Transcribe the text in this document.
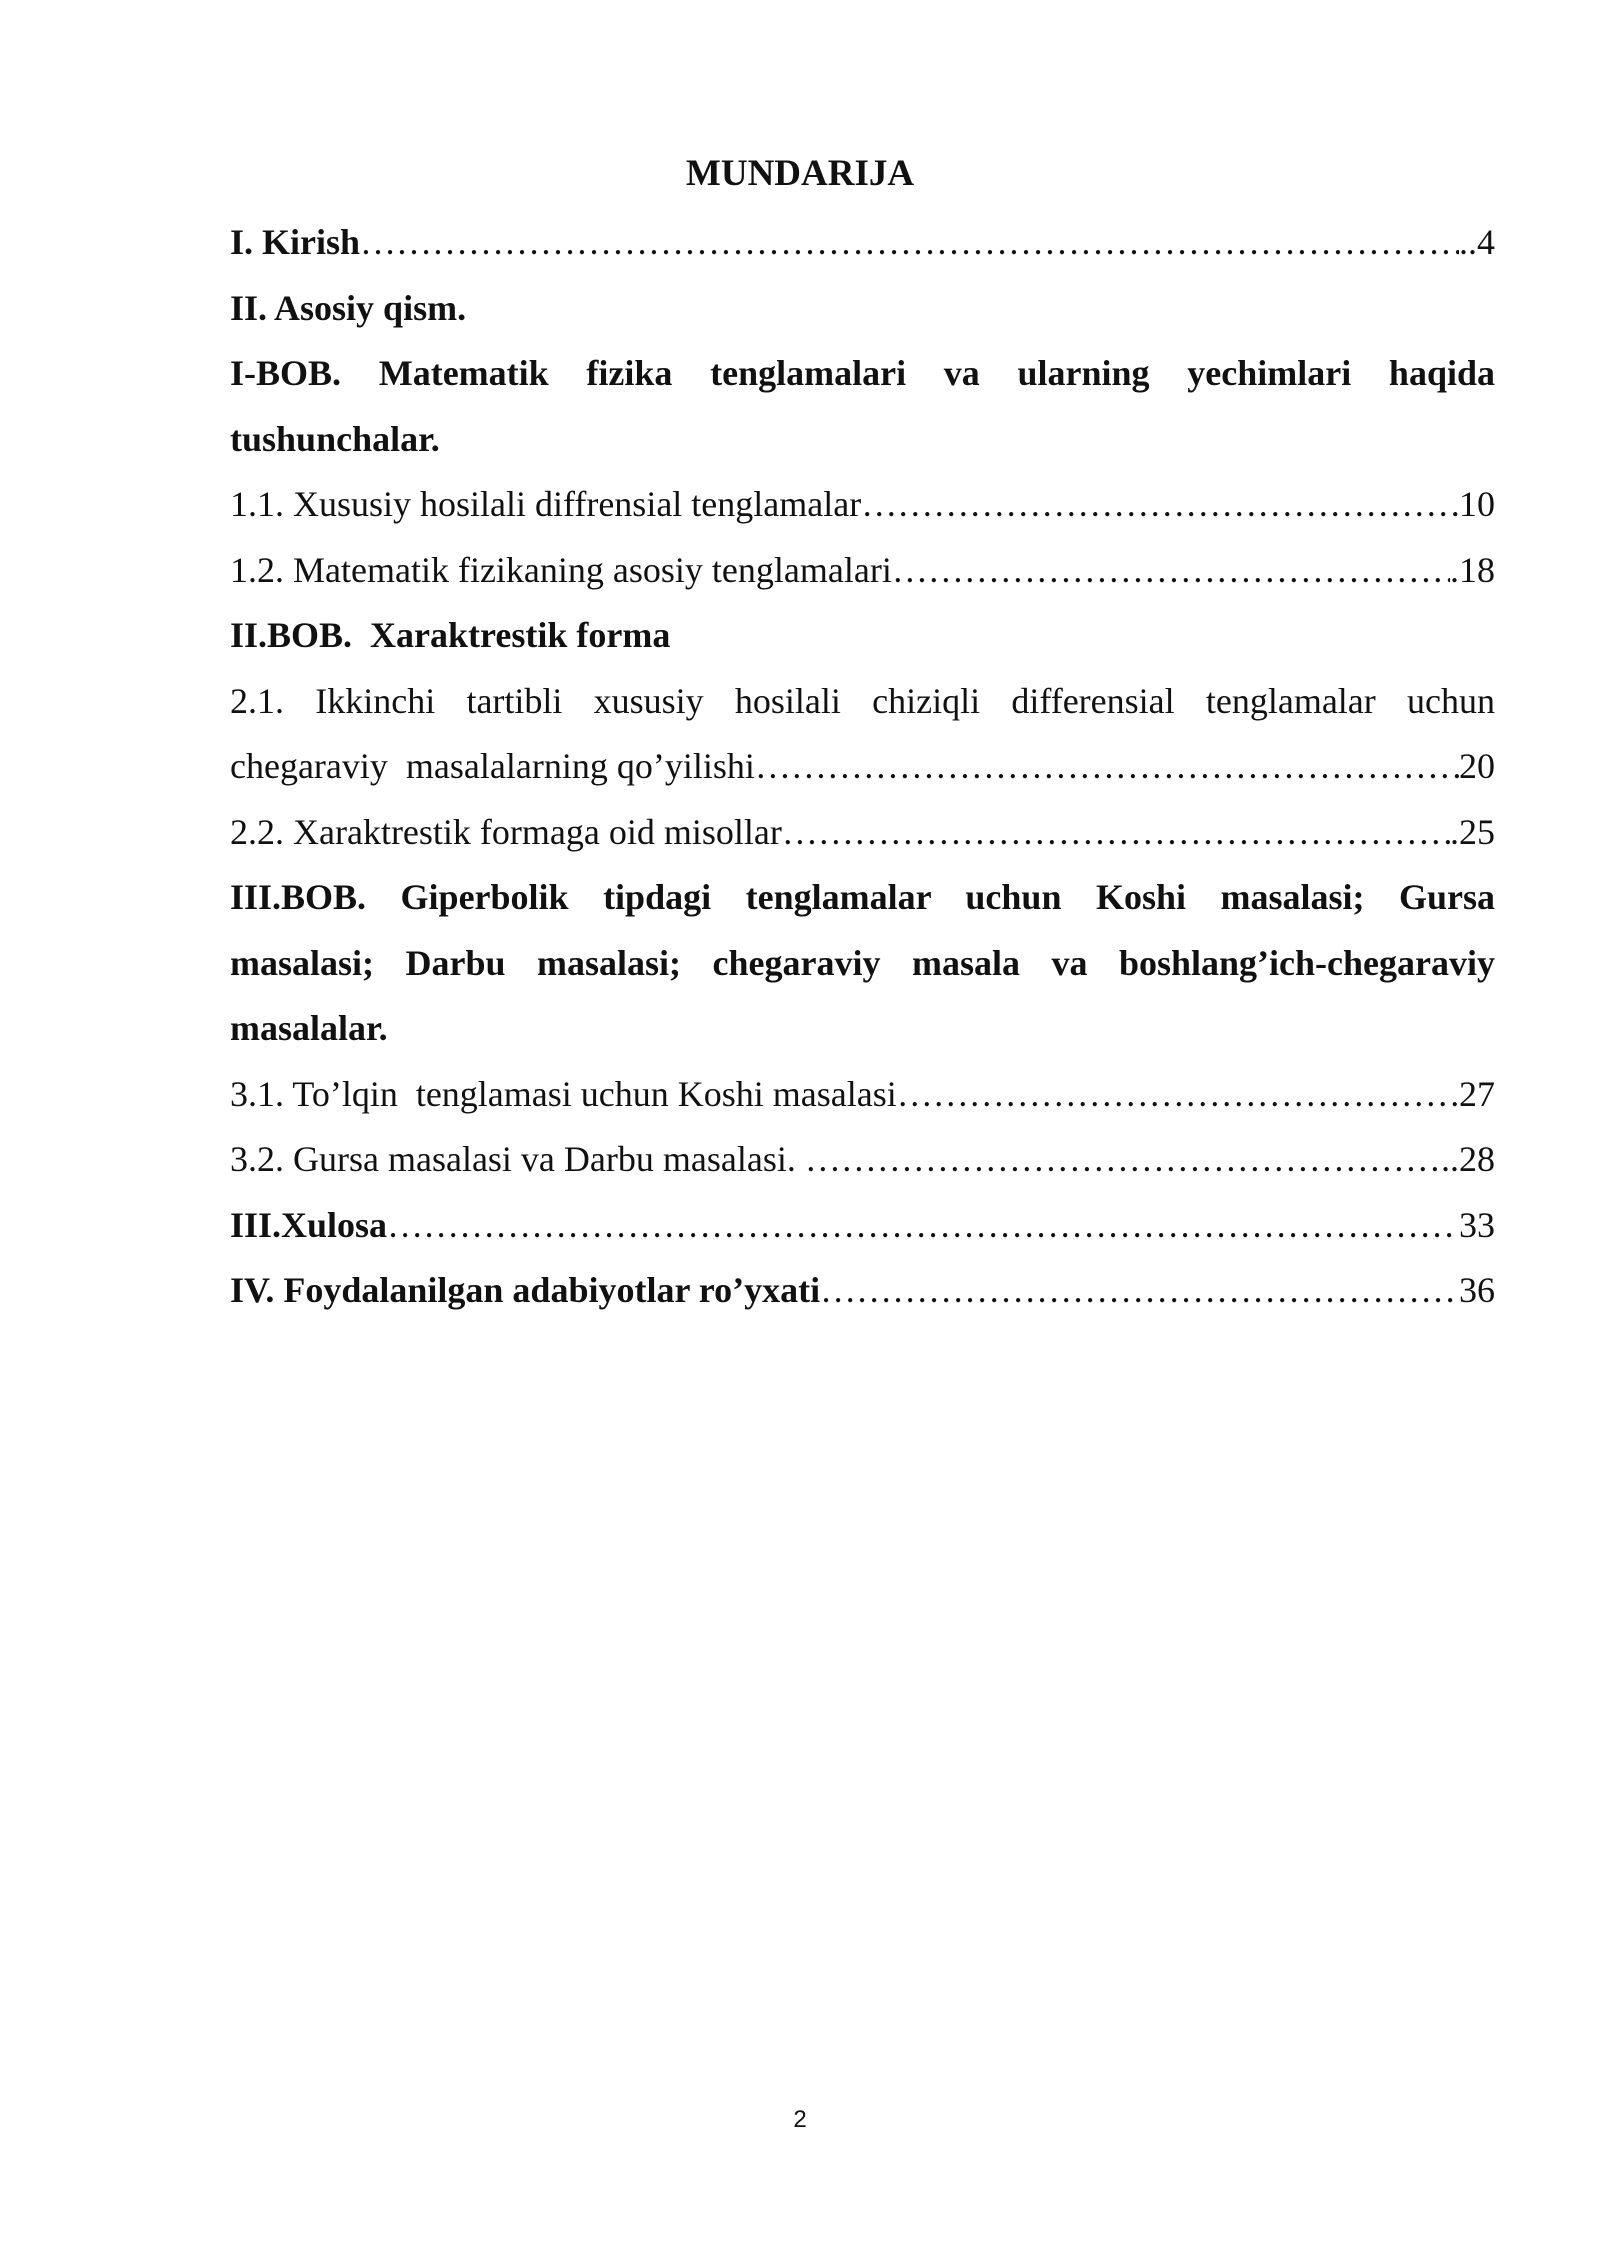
MUNDARIJA
I. Kirish …………………………………………………………………………………………………………………………………………………………………………………………	..4
II. Asosiy qism.
I-BOB. Matematik fizika tenglamalari va ularning yechimlari haqida
tushunchalar.
1.1. Xususiy hosilali diffrensial tenglamalar …………………………………………………………………………………………………………………………………………………………………………………………	10
1.2. Matematik fizikaning asosiy tenglamalari …………………………………………………………………………………………………………………………………………………………………………………………	.18
II.BOB.  Xaraktrestik forma
2.1. Ikkinchi tartibli xususiy hosilali chiziqli differensial tenglamalar uchun
chegaraviy  masalalarning qo’yilishi …………………………………………………………………………………………………………………………………………………………………………………………	20
2.2. Xaraktrestik formaga oid misollar …………………………………………………………………………………………………………………………………………………………………………………………	.25
III.BOB. Giperbolik tipdagi tenglamalar uchun Koshi masalasi; Gursa
masalasi; Darbu masalasi; chegaraviy masala va boshlang’ich-chegaraviy
masalalar.
3.1. To’lqin  tenglamasi uchun Koshi masalasi …………………………………………………………………………………………………………………………………………………………………………………………	27
3.2. Gursa masalasi va Darbu masalasi. …………………………………………………………………………………………………………………………………………………………………………………………	..28
III.Xulosa …………………………………………………………………………………………………………………………………………………………………………………………	33
IV. Foydalanilgan adabiyotlar ro’yxati …………………………………………………………………………………………………………………………………………………………………………………………	36
2
